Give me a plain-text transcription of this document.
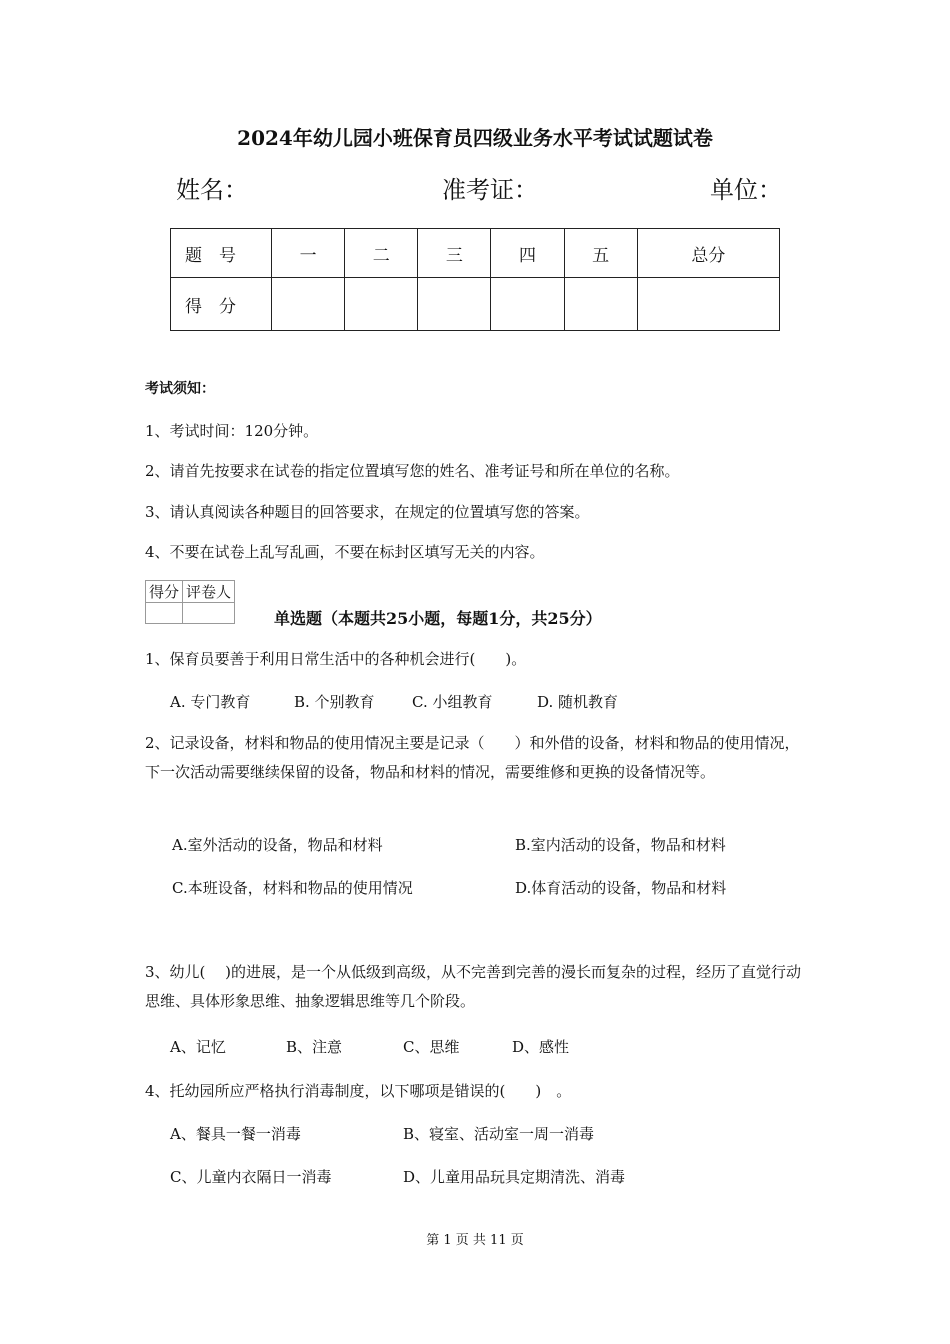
2024年幼儿园小班保育员四级业务水平考试试题试卷
姓名：	准考证：	单位：
题　号	一	二	三	四	五	总分
得　分						
考试须知：
1、考试时间：120分钟。
2、请首先按要求在试卷的指定位置填写您的姓名、准考证号和所在单位的名称。
3、请认真阅读各种题目的回答要求，在规定的位置填写您的答案。
4、不要在试卷上乱写乱画，不要在标封区填写无关的内容。
得分	评卷人

单选题（本题共25小题，每题1分，共25分）
1、保育员要善于利用日常生活中的各种机会进行(　　)。
A. 专门教育	B. 个别教育 C. 小组教育	D. 随机教育
2、记录设备，材料和物品的使用情况主要是记录（　　）和外借的设备，材料和物品的使用情况，下一次活动需要继续保留的设备，物品和材料的情况，需要维修和更换的设备情况等。
A.室外活动的设备，物品和材料	B.室内活动的设备，物品和材料
C.本班设备，材料和物品的使用情况	D.体育活动的设备，物品和材料
3、幼儿(　 )的进展，是一个从低级到高级，从不完善到完善的漫长而复杂的过程，经历了直觉行动思维、具体形象思维、抽象逻辑思维等几个阶段。
A、记忆	B、注意	C、思维	D、感性
4、托幼园所应严格执行消毒制度，以下哪项是错误的(　　)　。
A、餐具一餐一消毒	B、寝室、活动室一周一消毒
C、儿童内衣隔日一消毒	D、儿童用品玩具定期清洗、消毒
第 1 页 共 11 页
